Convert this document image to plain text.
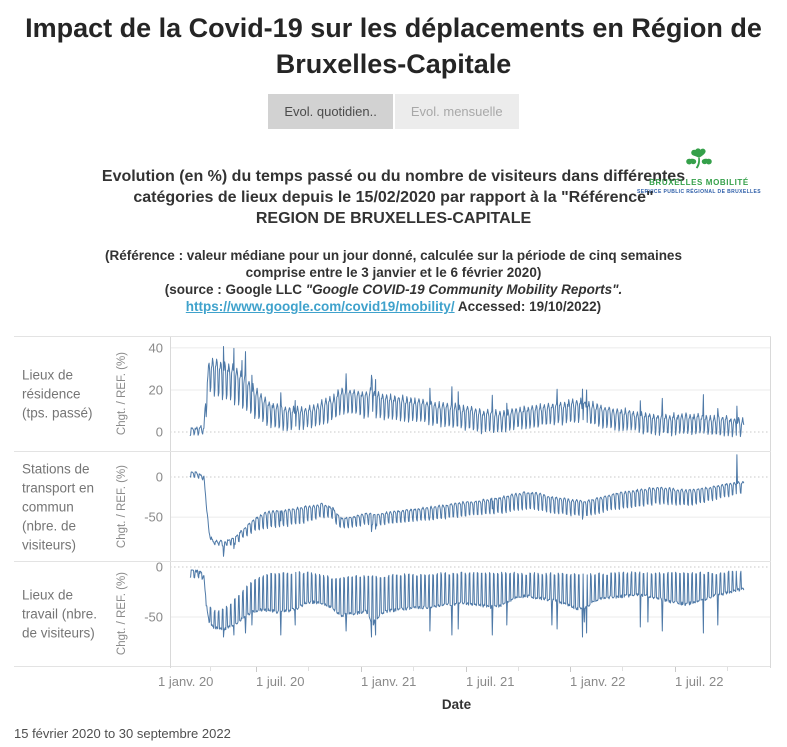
Impact de la Covid-19 sur les déplacements en Région de Bruxelles-Capitale
Evol. quotidien..	Evol. mensuelle
BRUXELLES MOBILITÉ
SERVICE PUBLIC RÉGIONAL DE BRUXELLES
Evolution (en %) du temps passé ou du nombre de visiteurs dans différentes
catégories de lieux depuis le 15/02/2020 par rapport à la "Référence"
REGION DE BRUXELLES-CAPITALE
(Référence : valeur médiane pour un jour donné, calculée sur la période de cinq semaines
comprise entre le 3 janvier et le 6 février 2020)
(source : Google LLC "Google COVID-19 Community Mobility Reports".
https://www.google.com/covid19/mobility/ Accessed: 19/10/2022)
Lieux de
résidence
(tps. passé)	Chgt. / REF. (%)
40
20
0
Stations de
transport en
commun
(nbre. de
visiteurs)	Chgt. / REF. (%) 0
-50
Lieux de
travail (nbre.
de visiteurs)	Chgt. / REF. (%)
0
-50
1 janv. 20	1 juil. 20	1 janv. 21	1 juil. 21	1 janv. 22	1 juil. 22
Date
15 février 2020 to 30 septembre 2022
